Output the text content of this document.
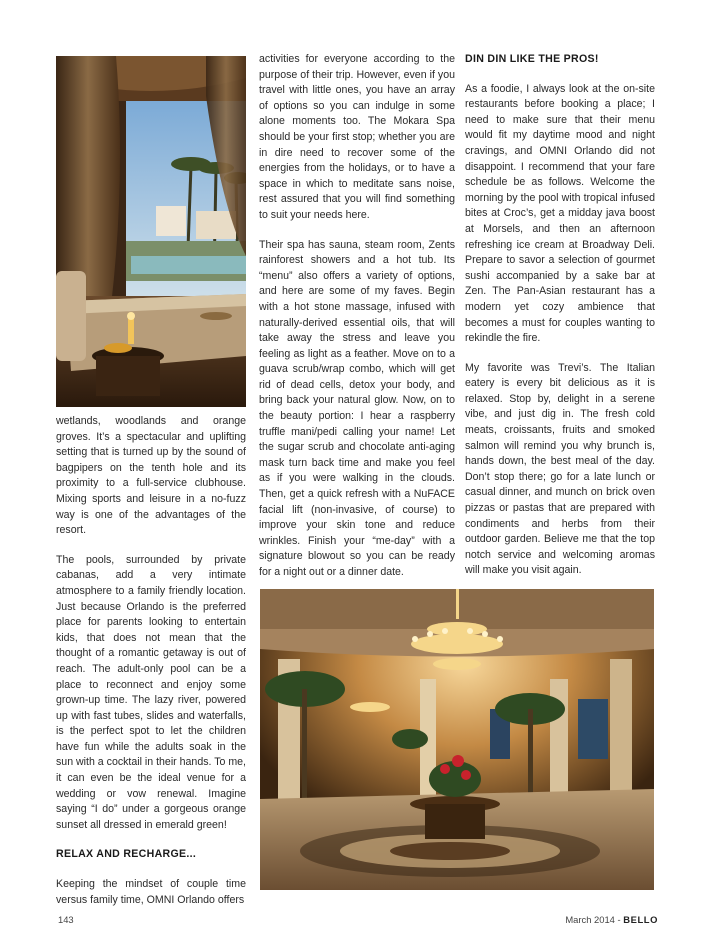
wetlands, woodlands and orange groves. It’s a spectacular and uplifting setting that is turned up by the sound of bagpipers on the tenth hole and its proximity to a full-service clubhouse. Mixing sports and leisure in a no-fuzz way is one of the advantages of the resort.

The pools, surrounded by private cabanas, add a very intimate atmosphere to a family friendly location. Just because Orlando is the preferred place for parents looking to entertain kids, that does not mean that the thought of a romantic getaway is out of reach. The adult-only pool can be a place to reconnect and enjoy some grown-up time. The lazy river, powered up with fast tubes, slides and waterfalls, is the perfect spot to let the children have fun while the adults soak in the sun with a cocktail in their hands. To me, it can even be the ideal venue for a wedding or vow renewal. Imagine saying “I do” under a gorgeous orange sunset all dressed in emerald green!

RELAX AND RECHARGE...

Keeping the mindset of couple time versus family time, OMNI Orlando offers

activities for everyone according to the purpose of their trip. However, even if you travel with little ones, you have an array of options so you can indulge in some alone moments too. The Mokara Spa should be your first stop; whether you are in dire need to recover some of the energies from the holidays, or to have a space in which to meditate sans noise, rest assured that you will find something to suit your needs here.

Their spa has sauna, steam room, Zents rainforest showers and a hot tub. Its “menu” also offers a variety of options, and here are some of my faves. Begin with a hot stone massage, infused with naturally-derived essential oils, that will take away the stress and leave you feeling as light as a feather. Move on to a guava scrub/wrap combo, which will get rid of dead cells, detox your body, and bring back your natural glow. Now, on to the beauty portion: I hear a raspberry truffle mani/pedi calling your name! Let the sugar scrub and chocolate anti-aging mask turn back time and make you feel as if you were walking in the clouds. Then, get a quick refresh with a NuFACE facial lift (non-invasive, of course) to improve your skin tone and reduce wrinkles. Finish your “me-day” with a signature blowout so you can be ready for a night out or a dinner date.

DIN DIN LIKE THE PROS!

As a foodie, I always look at the on-site restaurants before booking a place; I need to make sure that their menu would fit my daytime mood and night cravings, and OMNI Orlando did not disappoint. I recommend that your fare schedule be as follows. Welcome the morning by the pool with tropical infused bites at Croc’s, get a midday java boost at Morsels, and then an afternoon refreshing ice cream at Broadway Deli. Prepare to savor a selection of gourmet sushi accompanied by a sake bar at Zen. The Pan-Asian restaurant has a modern yet cozy ambience that becomes a must for couples wanting to rekindle the fire.

My favorite was Trevi’s. The Italian eatery is every bit delicious as it is relaxed. Stop by, delight in a serene vibe, and just dig in. The fresh cold meats, croissants, fruits and smoked salmon will remind you why brunch is, hands down, the best meal of the day. Don’t stop there; go for a late lunch or casual dinner, and munch on brick oven pizzas or pastas that are prepared with condiments and herbs from their outdoor garden. Believe me that the top notch service and welcoming aromas will make you visit again.

143	March 2014 - BELLO
